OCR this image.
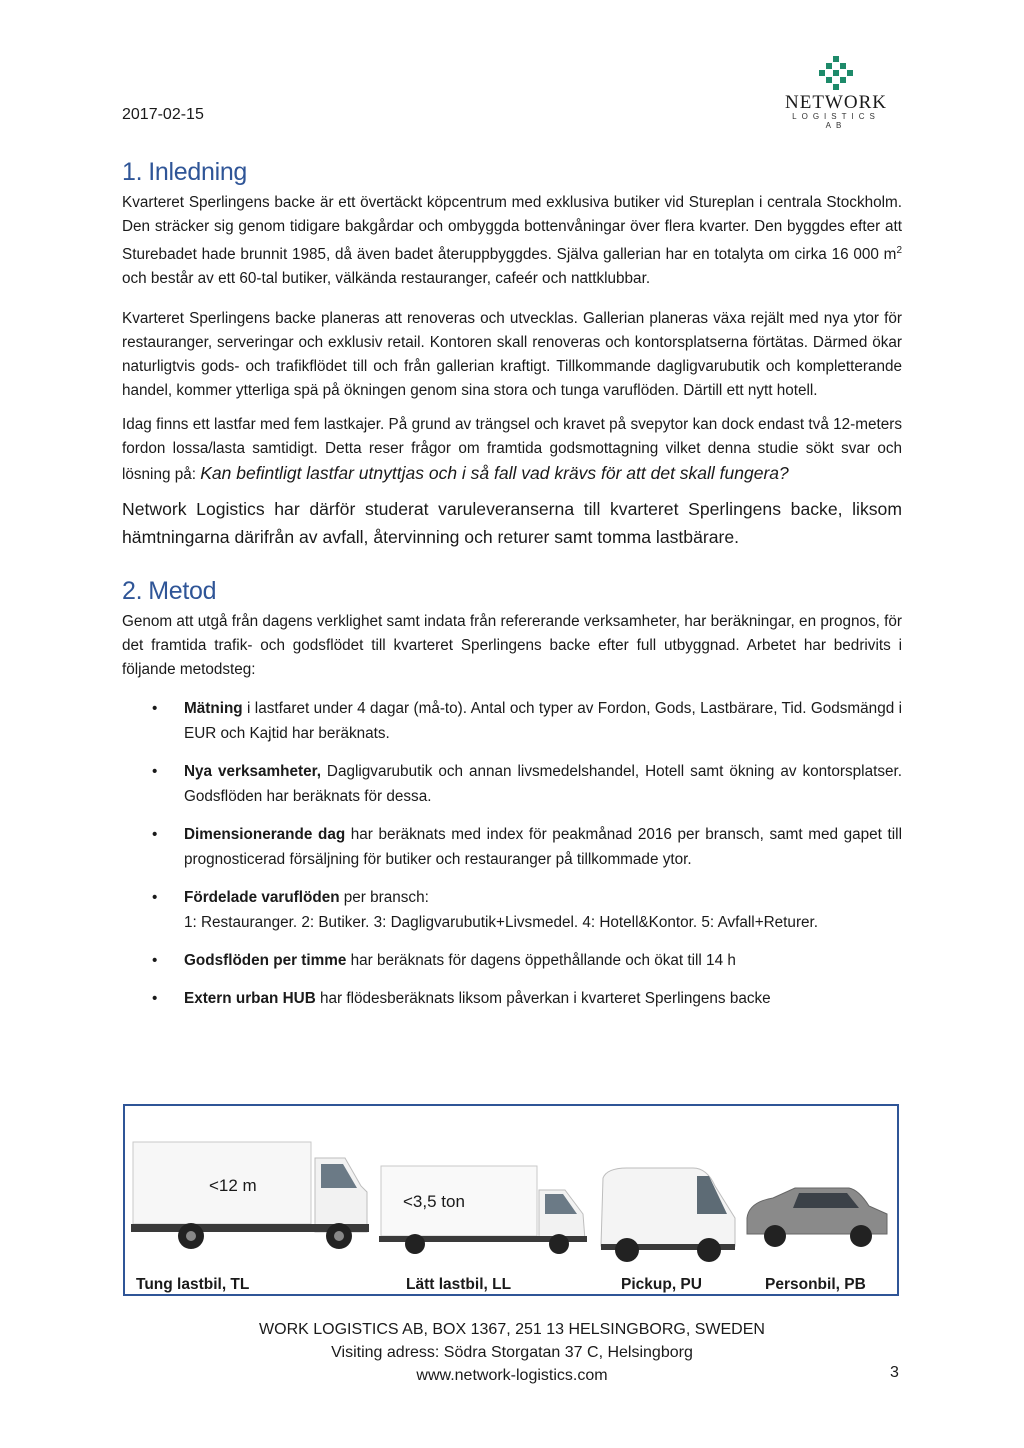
2017-02-15
NETWORK
LOGISTICS AB
1. Inledning

Kvarteret Sperlingens backe är ett övertäckt köpcentrum med exklusiva butiker vid Stureplan i centrala Stockholm. Den sträcker sig genom tidigare bakgårdar och ombyggda bottenvåningar över flera kvarter. Den byggdes efter att Sturebadet hade brunnit 1985, då även badet återuppbyggdes. Själva gallerian har en totalyta om cirka 16 000 $m^2$ och består av ett 60-tal butiker, välkända restauranger, cafeér och nattklubbar.

Kvarteret Sperlingens backe planeras att renoveras och utvecklas. Gallerian planeras växa rejält med nya ytor för restauranger, serveringar och exklusiv retail. Kontoren skall renoveras och kontorsplatserna förtätas. Därmed ökar naturligtvis gods- och trafikflödet till och från gallerian kraftigt. Tillkommande dagligvarubutik och kompletterande handel, kommer ytterliga spä på ökningen genom sina stora och tunga varuflöden. Därtill ett nytt hotell.

Idag finns ett lastfar med fem lastkajer. På grund av trängsel och kravet på svepytor kan dock endast två 12-meters fordon lossa/lasta samtidigt. Detta reser frågor om framtida godsmottagning vilket denna studie sökt svar och lösning på: Kan befintligt lastfar utnyttjas och i så fall vad krävs för att det skall fungera?

Network Logistics har därför studerat varuleveranserna till kvarteret Sperlingens backe, liksom hämtningarna därifrån av avfall, återvinning och returer samt tomma lastbärare.

2. Metod

Genom att utgå från dagens verklighet samt indata från refererande verksamheter, har beräkningar, en prognos, för det framtida trafik- och godsflödet till kvarteret Sperlingens backe efter full utbyggnad. Arbetet har bedrivits i följande metodsteg:

• Mätning i lastfaret under 4 dagar (må-to). Antal och typer av Fordon, Gods, Lastbärare, Tid. Godsmängd i EUR och Kajtid har beräknats.
• Nya verksamheter, Dagligvarubutik och annan livsmedelshandel, Hotell samt ökning av kontorsplatser. Godsflöden har beräknats för dessa.
• Dimensionerande dag har beräknats med index för peakmånad 2016 per bransch, samt med gapet till prognosticerad försäljning för butiker och restauranger på tillkommade ytor.
• Fördelade varuflöden per bransch:
1: Restauranger. 2: Butiker. 3: Dagligvarubutik+Livsmedel. 4: Hotell&Kontor. 5: Avfall+Returer.
• Godsflöden per timme har beräknats för dagens öppethållande och ökat till 14 h
• Extern urban HUB har flödesberäknats liksom påverkan i kvarteret Sperlingens backe
<12 m
<3,5 ton
Tung lastbil, TL	Lätt lastbil, LL	Pickup, PU	Personbil, PB
WORK LOGISTICS AB, BOX 1367, 251 13 HELSINGBORG, SWEDEN
Visiting adress: Södra Storgatan 37 C, Helsingborg
www.network-logistics.com	3
